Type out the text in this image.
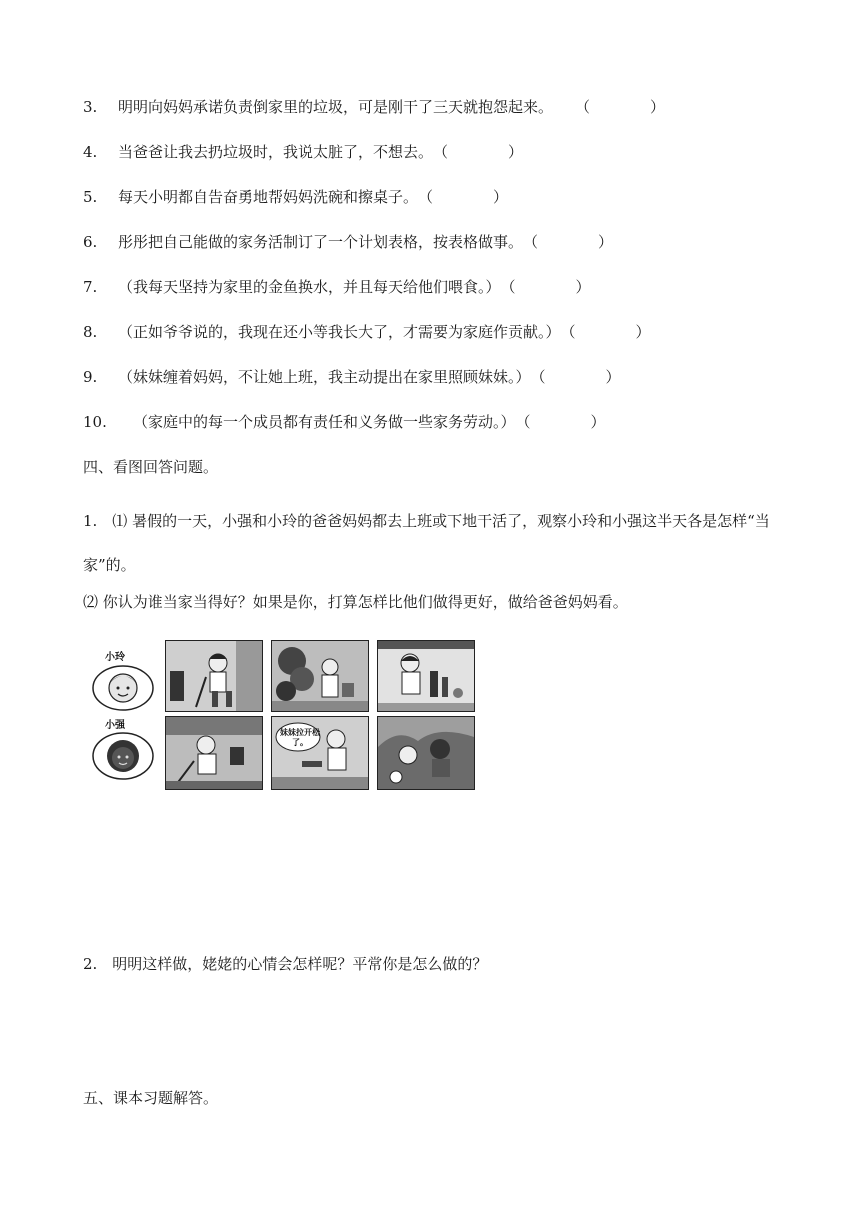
3. 明明向妈妈承诺负责倒家里的垃圾，可是刚干了三天就抱怨起来。 （　　　　）
4. 当爸爸让我去扔垃圾时，我说太脏了，不想去。（　　　　）
5. 每天小明都自告奋勇地帮妈妈洗碗和擦桌子。（　　　　）
6. 彤彤把自己能做的家务活制订了一个计划表格，按表格做事。（　　　　）
7. （我每天坚持为家里的金鱼换水，并且每天给他们喂食。）（　　　　）
8. （正如爷爷说的，我现在还小等我长大了，才需要为家庭作贡献。）（　　　　）
9. （妹妹缠着妈妈，不让她上班，我主动提出在家里照顾妹妹。）（　　　　）
10. （家庭中的每一个成员都有责任和义务做一些家务劳动。）（　　　　）
四、看图回答问题。
1.　⑴ 暑假的一天，小强和小玲的爸爸妈妈都去上班或下地干活了，观察小玲和小强这半天各是怎样“当家”的。
⑵ 你认为谁当家当得好？如果是你，打算怎样比他们做得更好，做给爸爸妈妈看。
小玲
小强
妹妹拉开松了。
2.　明明这样做，姥姥的心情会怎样呢？平常你是怎么做的？
五、课本习题解答。
